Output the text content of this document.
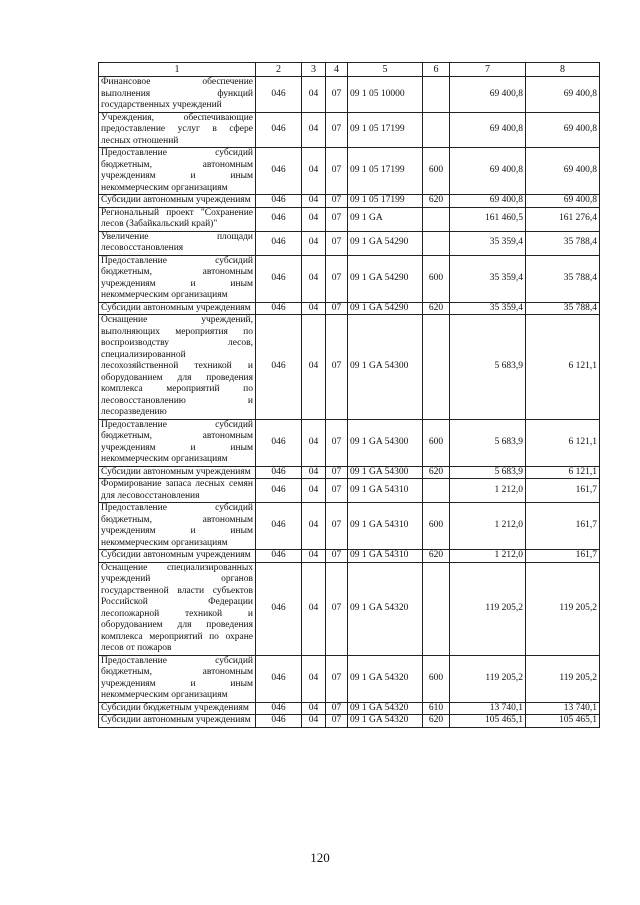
1	2	3	4	5	6	7	8
Финансовое обеспечение выполнения функций государственных учреждений	046	04	07	09 1 05 10000		69 400,8	69 400,8
Учреждения, обеспечивающие предоставление услуг в сфере лесных отношений	046	04	07	09 1 05 17199		69 400,8	69 400,8
Предоставление субсидий бюджетным, автономным учреждениям и иным некоммерческим организациям	046	04	07	09 1 05 17199	600	69 400,8	69 400,8
Субсидии автономным учреждениям	046	04	07	09 1 05 17199	620	69 400,8	69 400,8
Региональный проект "Сохранение лесов (Забайкальский край)"	046	04	07	09 1 GA		161 460,5	161 276,4
Увеличение площади лесовосстановления	046	04	07	09 1 GA 54290		35 359,4	35 788,4
Предоставление субсидий бюджетным, автономным учреждениям и иным некоммерческим организациям	046	04	07	09 1 GA 54290	600	35 359,4	35 788,4
Субсидии автономным учреждениям	046	04	07	09 1 GA 54290	620	35 359,4	35 788,4
Оснащение учреждений, выполняющих мероприятия по воспроизводству лесов, специализированной лесохозяйственной техникой и оборудованием для проведения комплекса мероприятий по лесовосстановлению и лесоразведению	046	04	07	09 1 GA 54300		5 683,9	6 121,1
Предоставление субсидий бюджетным, автономным учреждениям и иным некоммерческим организациям	046	04	07	09 1 GA 54300	600	5 683,9	6 121,1
Субсидии автономным учреждениям	046	04	07	09 1 GA 54300	620	5 683,9	6 121,1
Формирование запаса лесных семян для лесовосстановления	046	04	07	09 1 GA 54310		1 212,0	161,7
Предоставление субсидий бюджетным, автономным учреждениям и иным некоммерческим организациям	046	04	07	09 1 GA 54310	600	1 212,0	161,7
Субсидии автономным учреждениям	046	04	07	09 1 GA 54310	620	1 212,0	161,7
Оснащение специализированных учреждений органов государственной власти субъектов Российской Федерации лесопожарной техникой и оборудованием для проведения комплекса мероприятий по охране лесов от пожаров	046	04	07	09 1 GA 54320		119 205,2	119 205,2
Предоставление субсидий бюджетным, автономным учреждениям и иным некоммерческим организациям	046	04	07	09 1 GA 54320	600	119 205,2	119 205,2
Субсидии бюджетным учреждениям	046	04	07	09 1 GA 54320	610	13 740,1	13 740,1
Субсидии автономным учреждениям	046	04	07	09 1 GA 54320	620	105 465,1	105 465,1
120
